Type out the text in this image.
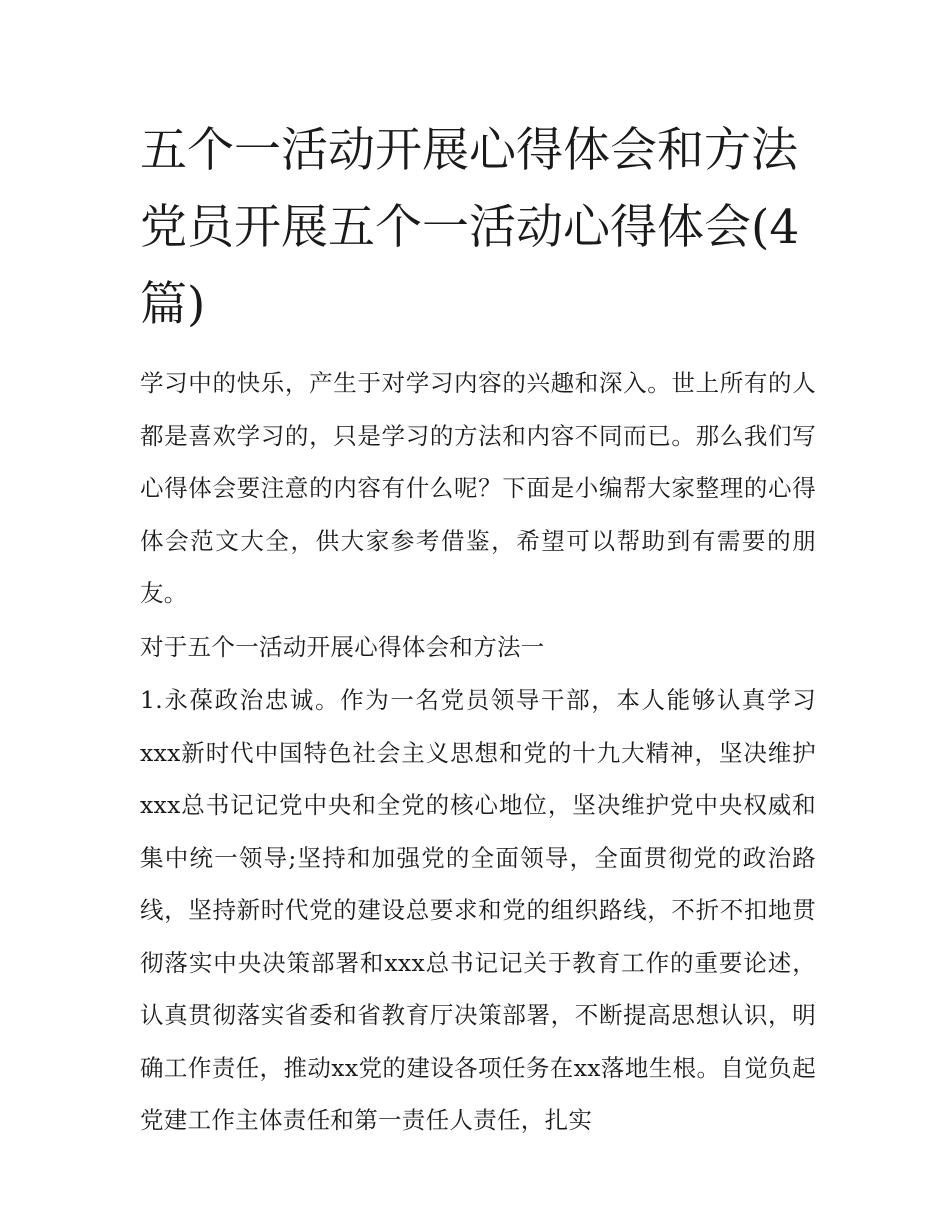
五个一活动开展心得体会和方法 党员开展五个一活动心得体会(4篇)

学习中的快乐，产生于对学习内容的兴趣和深入。世上所有的人都是喜欢学习的，只是学习的方法和内容不同而已。那么我们写心得体会要注意的内容有什么呢？下面是小编帮大家整理的心得体会范文大全，供大家参考借鉴，希望可以帮助到有需要的朋友。

对于五个一活动开展心得体会和方法一

1.永葆政治忠诚。作为一名党员领导干部，本人能够认真学习xxx新时代中国特色社会主义思想和党的十九大精神，坚决维护xxx总书记记党中央和全党的核心地位，坚决维护党中央权威和集中统一领导;坚持和加强党的全面领导，全面贯彻党的政治路线，坚持新时代党的建设总要求和党的组织路线，不折不扣地贯彻落实中央决策部署和xxx总书记记关于教育工作的重要论述，认真贯彻落实省委和省教育厅决策部署，不断提高思想认识，明确工作责任，推动xx党的建设各项任务在xx落地生根。自觉负起党建工作主体责任和第一责任人责任，扎实
